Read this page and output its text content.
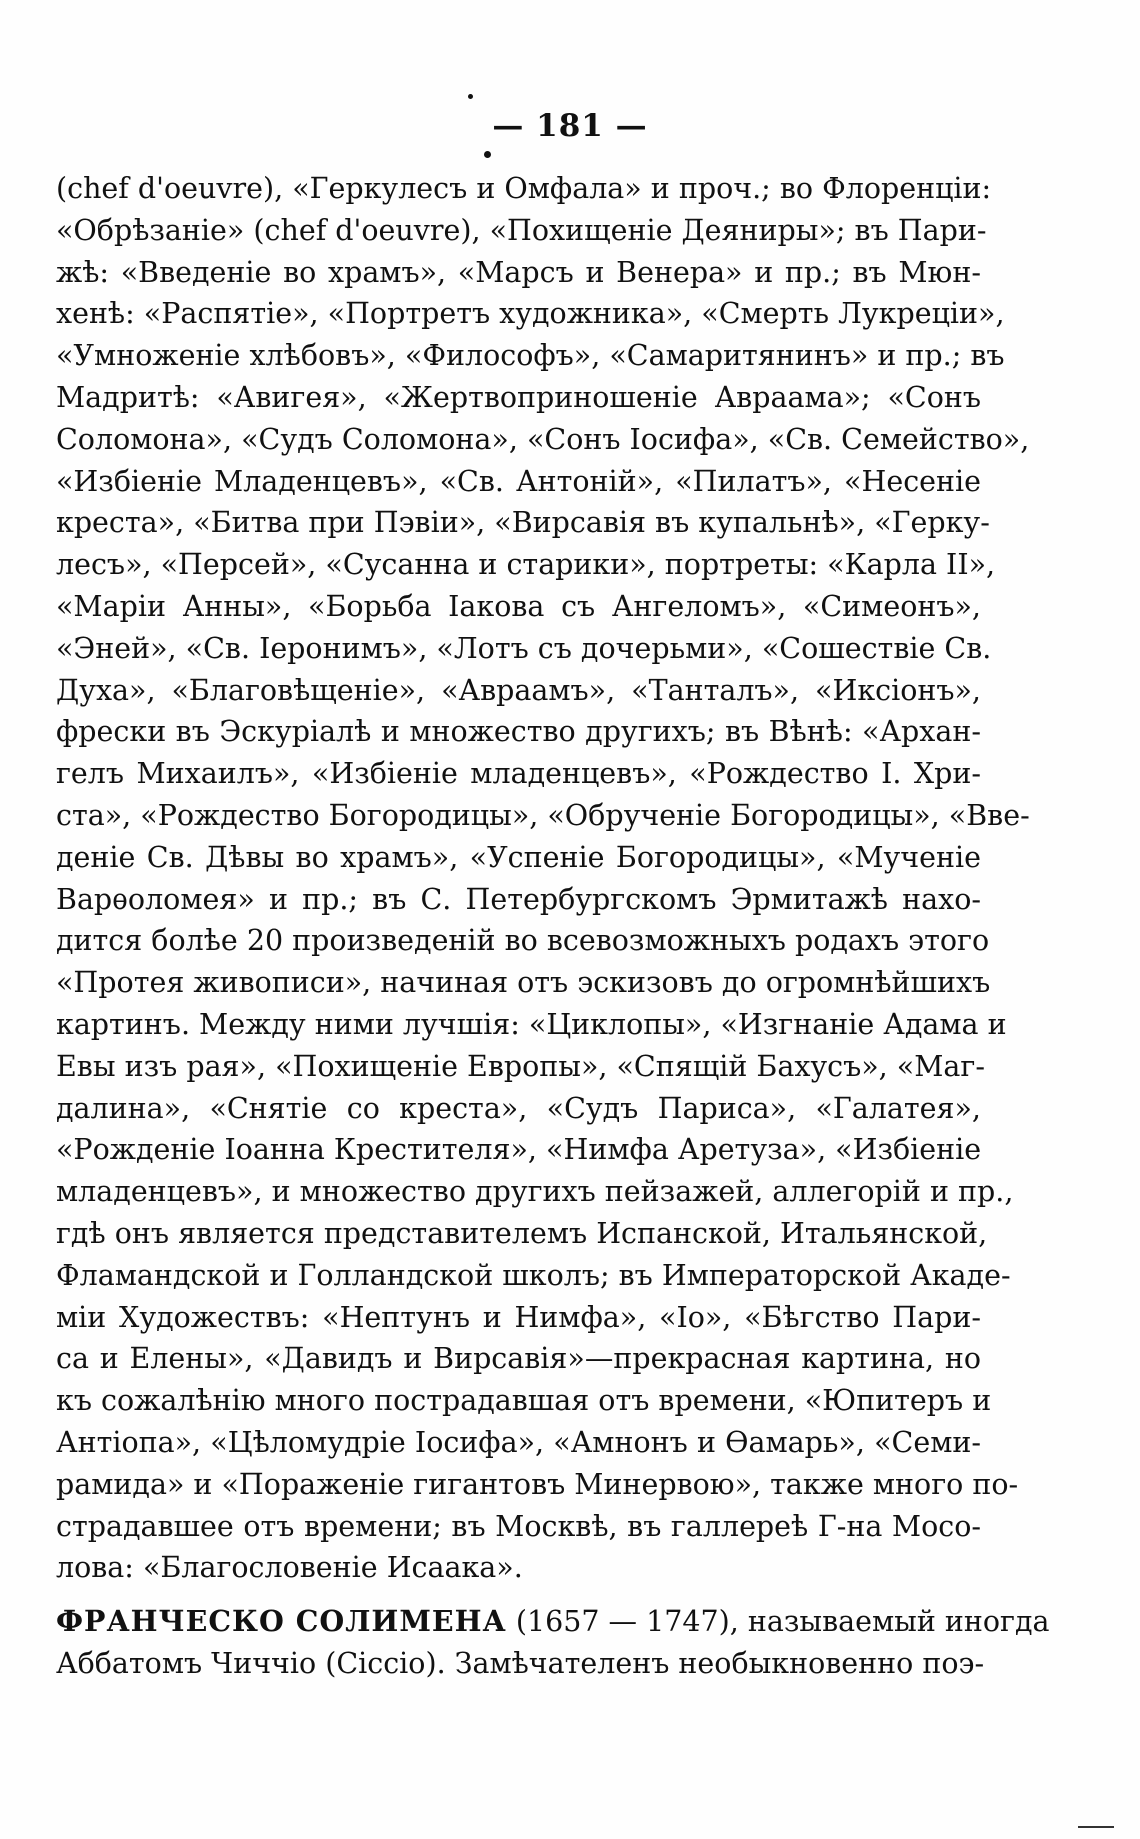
— 181 —
(chef d'oeuvre), «Геркулесъ и Омфала» и проч.; во Флоренціи:
«Обрѣзаніе» (chef d'oeuvre), «Похищеніе Деяниры»; въ Пари-
жѣ: «Введеніе во храмъ», «Марсъ и Венера» и пр.; въ Мюн-
хенѣ: «Распятіе», «Портретъ художника», «Смерть Лукреціи»,
«Умноженіе хлѣбовъ», «Философъ», «Самаритянинъ» и пр.; въ
Мадритѣ: «Авигея», «Жертвоприношеніе Авраама»; «Сонъ
Соломона», «Судъ Соломона», «Сонъ Іосифа», «Св. Семейство»,
«Избіеніе Младенцевъ», «Св. Антоній», «Пилатъ», «Несеніе
креста», «Битва при Пэвіи», «Вирсавія въ купальнѣ», «Герку-
лесъ», «Персей», «Сусанна и старики», портреты: «Карла II»,
«Маріи Анны», «Борьба Іакова съ Ангеломъ», «Симеонъ»,
«Эней», «Св. Іеронимъ», «Лотъ съ дочерьми», «Сошествіе Св.
Духа», «Благовѣщеніе», «Авраамъ», «Танталъ», «Иксіонъ»,
фрески въ Эскуріалѣ и множество другихъ; въ Вѣнѣ: «Архан-
гелъ Михаилъ», «Избіеніе младенцевъ», «Рождество І. Хри-
ста», «Рождество Богородицы», «Обрученіе Богородицы», «Вве-
деніе Св. Дѣвы во храмъ», «Успеніе Богородицы», «Мученіе
Варѳоломея» и пр.; въ С. Петербургскомъ Эрмитажѣ нахо-
дится болѣе 20 произведеній во всевозможныхъ родахъ этого
«Протея живописи», начиная отъ эскизовъ до огромнѣйшихъ
картинъ. Между ними лучшія: «Циклопы», «Изгнаніе Адама и
Евы изъ рая», «Похищеніе Европы», «Спящій Бахусъ», «Маг-
далина», «Снятіе со креста», «Судъ Париса», «Галатея»,
«Рожденіе Іоанна Крестителя», «Нимфа Аретуза», «Избіеніе
младенцевъ», и множество другихъ пейзажей, аллегорій и пр.,
гдѣ онъ является представителемъ Испанской, Итальянской,
Фламандской и Голландской школъ; въ Императорской Акаде-
міи Художествъ: «Нептунъ и Нимфа», «Іо», «Бѣгство Пари-
са и Елены», «Давидъ и Вирсавія»—прекрасная картина, но
къ сожалѣнію много пострадавшая отъ времени, «Юпитеръ и
Антіопа», «Цѣломудріе Іосифа», «Амнонъ и Ѳамарь», «Семи-
рамида» и «Пораженіе гигантовъ Минервою», также много по-
страдавшее отъ времени; въ Москвѣ, въ галлереѣ Г-на Мосо-
лова: «Благословеніе Исаака».
ФРАНЧЕСКО СОЛИМЕНА (1657 — 1747), называемый иногда
Аббатомъ Чиччіо (Ciccio). Замѣчателенъ необыкновенно поэ-
